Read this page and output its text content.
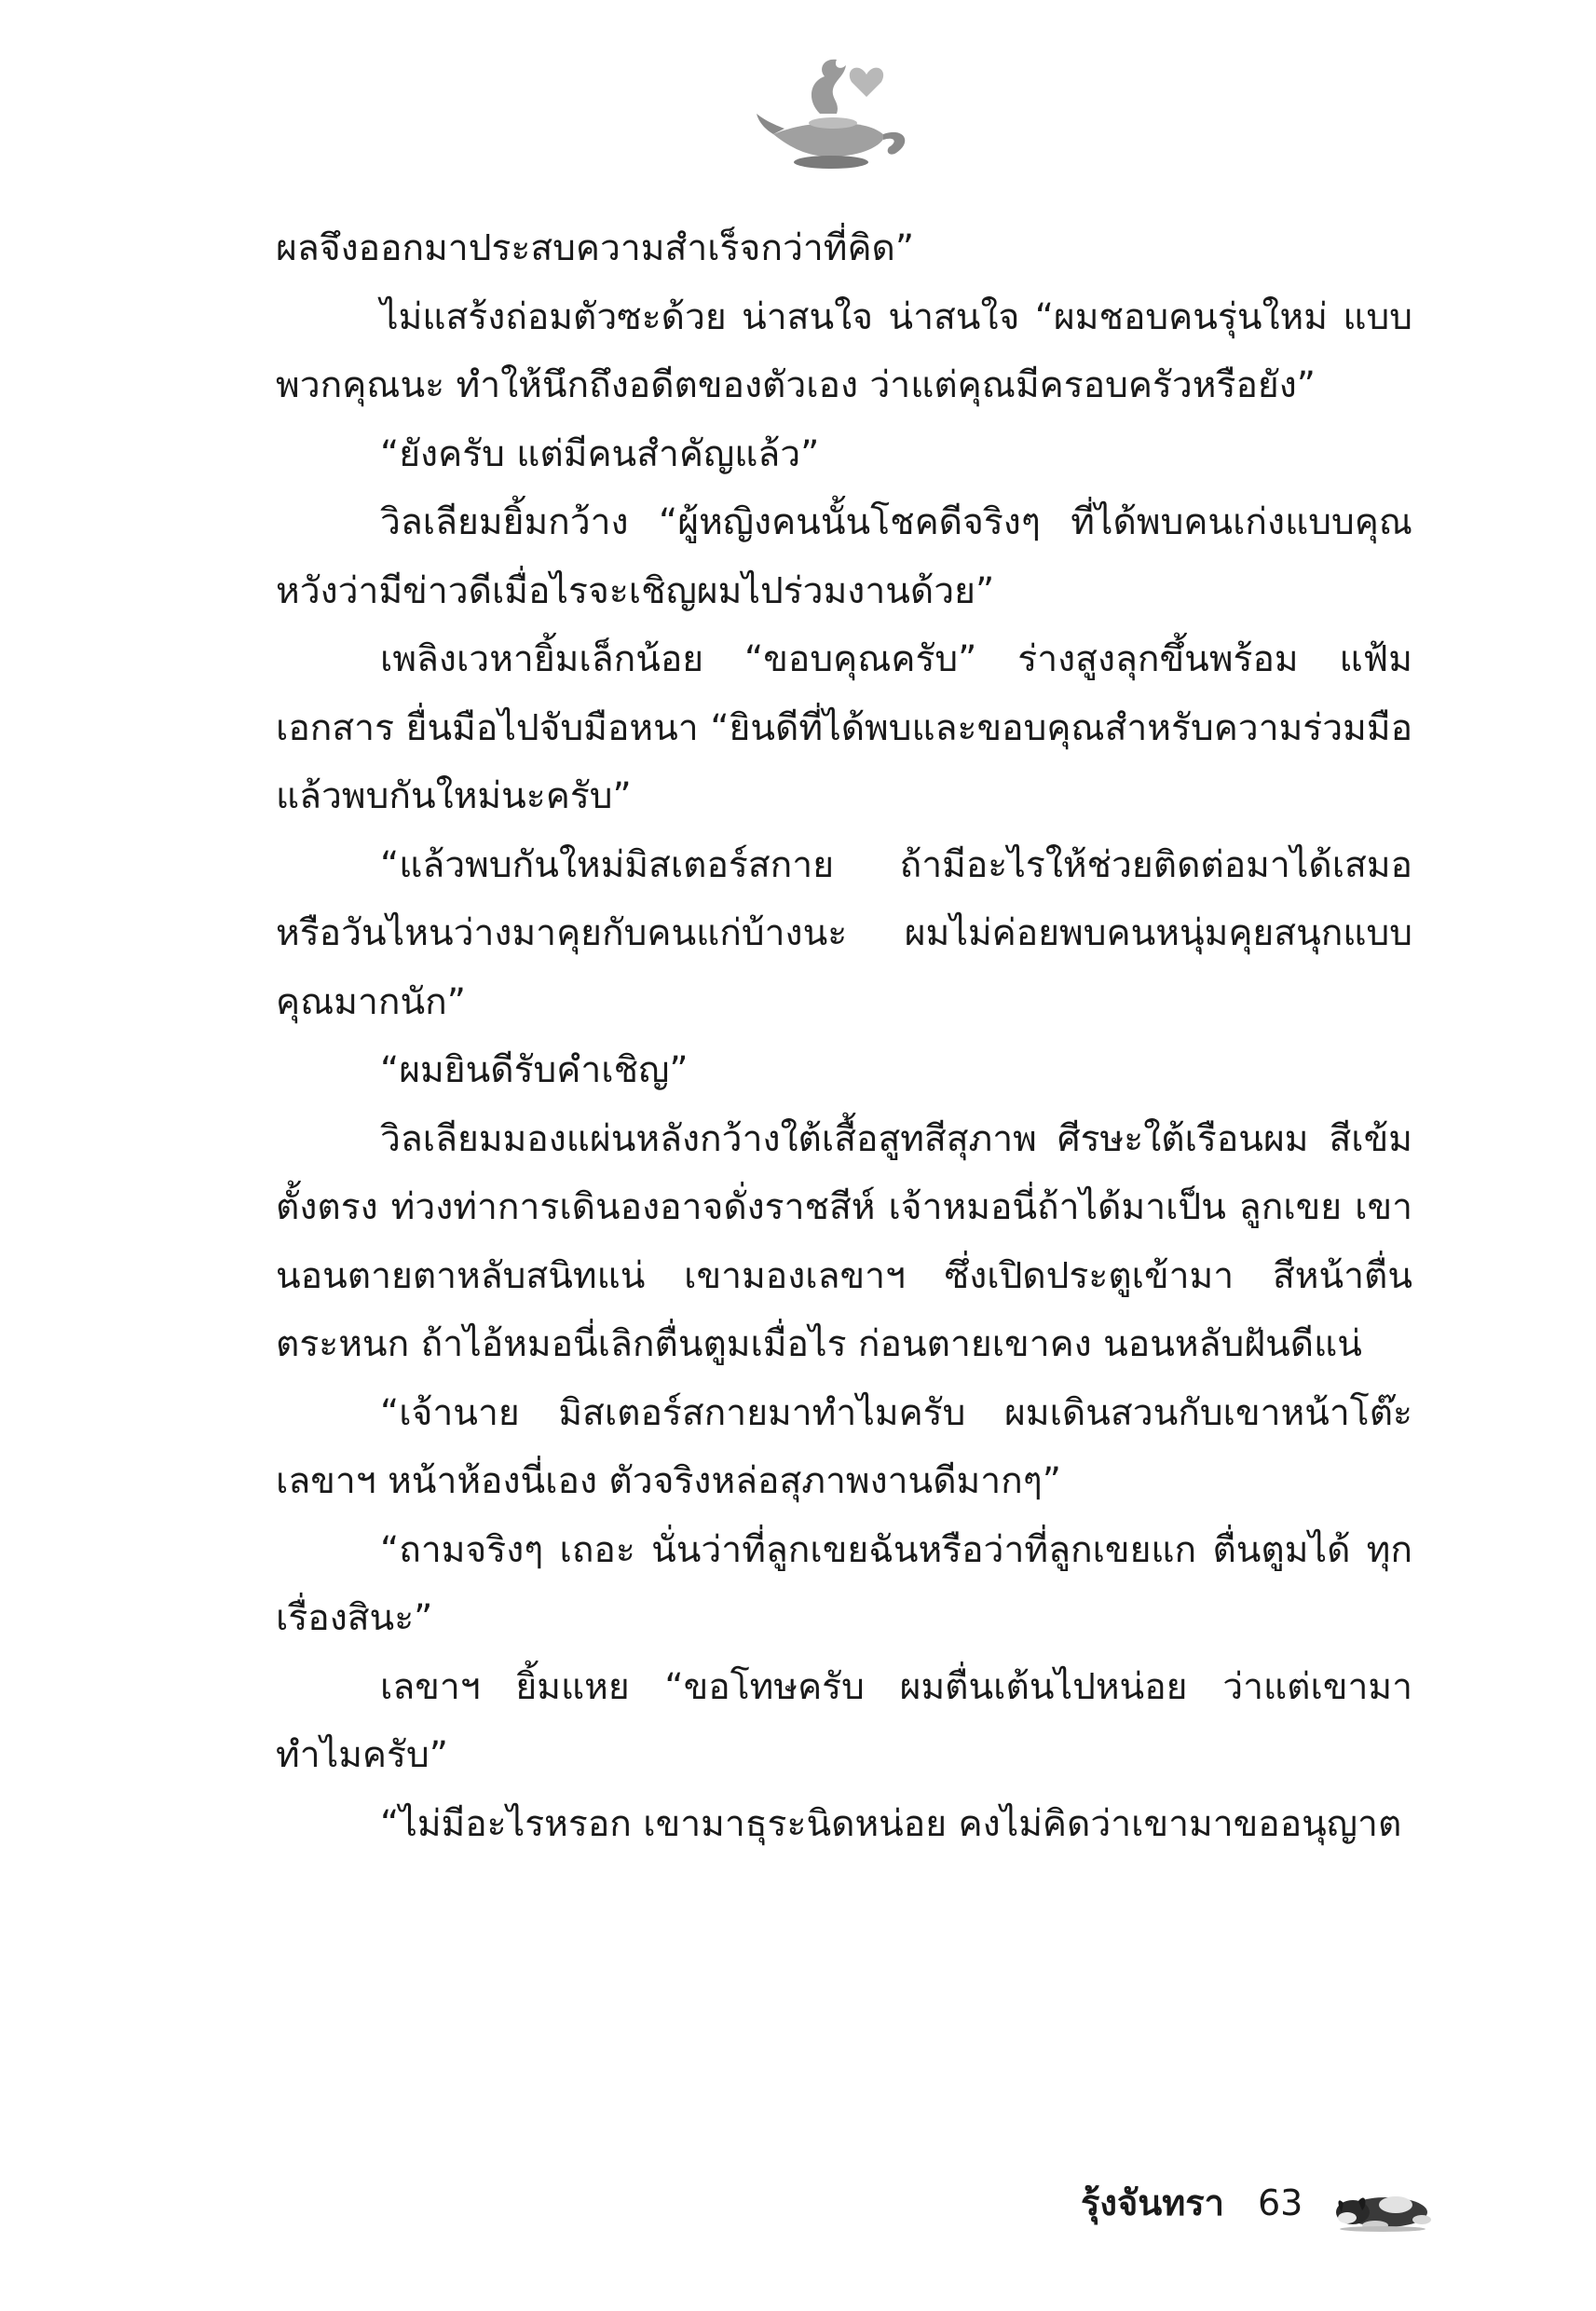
ผลจึงออกมาประสบความสำเร็จกว่าที่คิด”

ไม่แสร้งถ่อมตัวซะด้วย น่าสนใจ น่าสนใจ “ผมชอบคนรุ่นใหม่ แบบพวกคุณนะ ทำให้นึกถึงอดีตของตัวเอง ว่าแต่คุณมีครอบครัวหรือยัง”

“ยังครับ แต่มีคนสำคัญแล้ว”

วิลเลียมยิ้มกว้าง “ผู้หญิงคนนั้นโชคดีจริงๆ ที่ได้พบคนเก่งแบบคุณ หวังว่ามีข่าวดีเมื่อไรจะเชิญผมไปร่วมงานด้วย”

เพลิงเวหายิ้มเล็กน้อย “ขอบคุณครับ” ร่างสูงลุกขึ้นพร้อม แฟ้มเอกสาร ยื่นมือไปจับมือหนา “ยินดีที่ได้พบและขอบคุณสำหรับความร่วมมือ แล้วพบกันใหม่นะครับ”

“แล้วพบกันใหม่มิสเตอร์สกาย ถ้ามีอะไรให้ช่วยติดต่อมาได้เสมอ หรือวันไหนว่างมาคุยกับคนแก่บ้างนะ ผมไม่ค่อยพบคนหนุ่มคุยสนุกแบบคุณมากนัก”

“ผมยินดีรับคำเชิญ”

วิลเลียมมองแผ่นหลังกว้างใต้เสื้อสูทสีสุภาพ ศีรษะใต้เรือนผม สีเข้มตั้งตรง ท่วงท่าการเดินองอาจดั่งราชสีห์ เจ้าหมอนี่ถ้าได้มาเป็น ลูกเขย เขานอนตายตาหลับสนิทแน่ เขามองเลขาฯ ซึ่งเปิดประตูเข้ามา สีหน้าตื่นตระหนก ถ้าไอ้หมอนี่เลิกตื่นตูมเมื่อไร ก่อนตายเขาคง นอนหลับฝันดีแน่

“เจ้านาย มิสเตอร์สกายมาทำไมครับ ผมเดินสวนกับเขาหน้าโต๊ะ เลขาฯ หน้าห้องนี่เอง ตัวจริงหล่อสุภาพงานดีมากๆ”

“ถามจริงๆ เถอะ นั่นว่าที่ลูกเขยฉันหรือว่าที่ลูกเขยแก ตื่นตูมได้ ทุกเรื่องสินะ”

เลขาฯ ยิ้มแหย “ขอโทษครับ ผมตื่นเต้นไปหน่อย ว่าแต่เขามา ทำไมครับ”

“ไม่มีอะไรหรอก เขามาธุระนิดหน่อย คงไม่คิดว่าเขามาขออนุญาต

รุ้งจันทรา 63
